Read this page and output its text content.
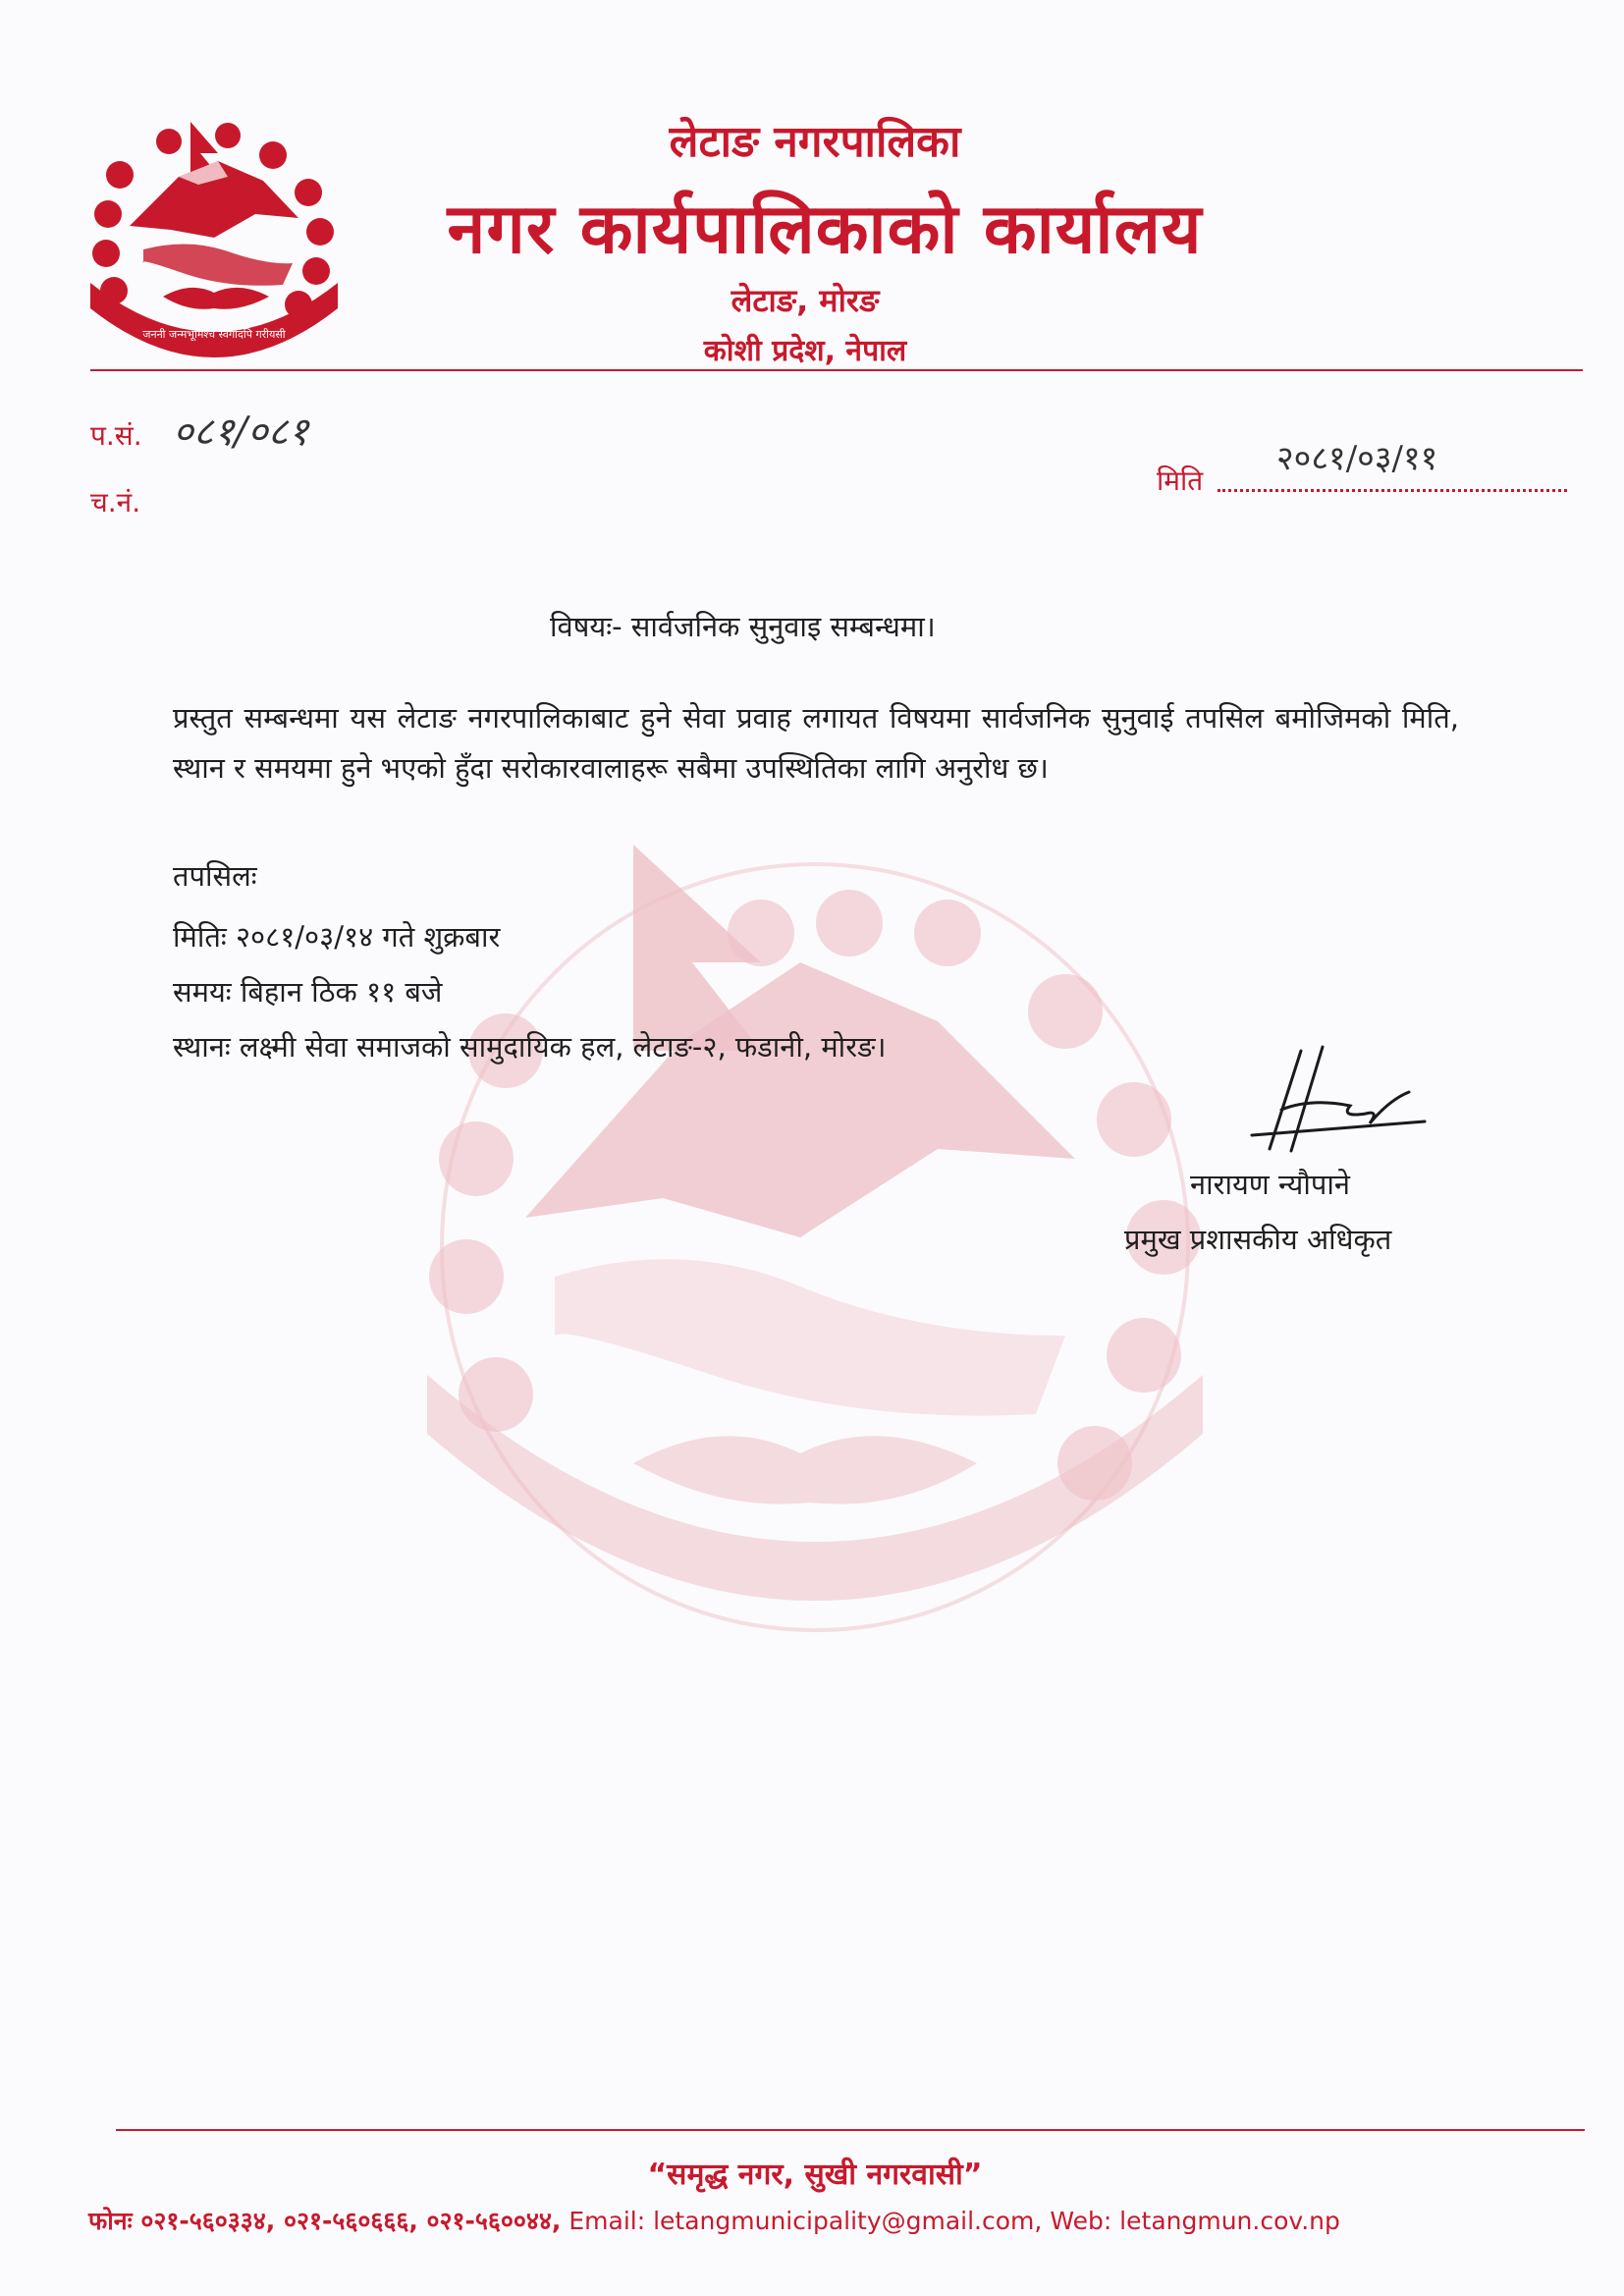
जननी जन्मभूमिश्च स्वर्गादपि गरीयसी
लेटाङ नगरपालिका
नगर कार्यपालिकाको कार्यालय
लेटाङ, मोरङ
कोशी प्रदेश, नेपाल
प.सं. ०८१/०८१
च.नं.
मिति
२०८१/०३/११
विषयः- सार्वजनिक सुनुवाइ सम्बन्धमा।
प्रस्तुत सम्बन्धमा यस लेटाङ नगरपालिकाबाट हुने सेवा प्रवाह लगायत विषयमा सार्वजनिक सुनुवाई तपसिल बमोजिमको मिति, स्थान र समयमा हुने भएको हुँदा सरोकारवालाहरू सबैमा उपस्थितिका लागि अनुरोध छ।
तपसिलः
मितिः २०८१/०३/१४ गते शुक्रबार
समयः बिहान ठिक ११ बजे
स्थानः लक्ष्मी सेवा समाजको सामुदायिक हल, लेटाङ-२, फडानी, मोरङ।
नारायण न्यौपाने
प्रमुख प्रशासकीय अधिकृत
“समृद्ध नगर, सुखी नगरवासी”
फोनः ०२१-५६०३३४, ०२१-५६०६६६, ०२१-५६००४४, Email: letangmunicipality@gmail.com, Web: letangmun.cov.np
